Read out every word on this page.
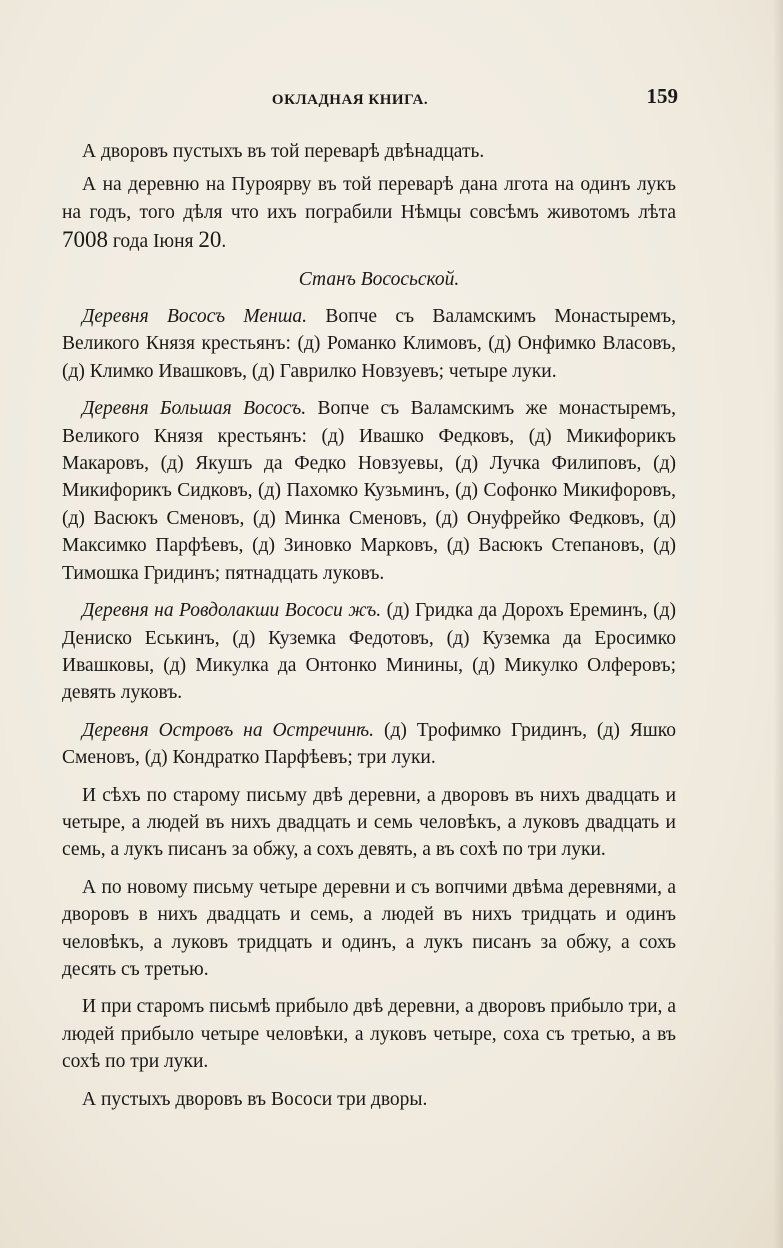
ОКЛАДНАЯ КНИГА.	159

А дворовъ пустыхъ въ той переварѣ двѣнадцать.

А на деревню на Пуроярву въ той переварѣ дана лгота на одинъ лукъ на годъ, того дѣля что ихъ пограбили Нѣмцы совсѣмъ животомъ лѣта 7008 года Іюня 20.

Станъ Вососьской.

Деревня Вососъ Менша. Вопче съ Валамскимъ Монастыремъ, Великого Князя крестьянъ: (д) Романко Климовъ, (д) Онфимко Власовъ, (д) Климко Ивашковъ, (д) Гаврилко Новзуевъ; четыре луки.

Деревня Большая Вососъ. Вопче съ Валамскимъ же монастыремъ, Великого Князя крестьянъ: (д) Ивашко Федковъ, (д) Микифорикъ Макаровъ, (д) Якушъ да Федко Новзуевы, (д) Лучка Филиповъ, (д) Микифорикъ Сидковъ, (д) Пахомко Кузьминъ, (д) Софонко Микифоровъ, (д) Васюкъ Сменовъ, (д) Минка Сменовъ, (д) Онуфрейко Федковъ, (д) Максимко Парфѣевъ, (д) Зиновко Марковъ, (д) Васюкъ Степановъ, (д) Тимошка Гридинъ; пятнадцать луковъ.

Деревня на Ровдолакши Вососи жъ. (д) Гридка да Дорохъ Ереминъ, (д) Дениско Еськинъ, (д) Куземка Федотовъ, (д) Куземка да Еросимко Ивашковы, (д) Микулка да Онтонко Минины, (д) Микулко Олферовъ; девять луковъ.

Деревня Островъ на Остречинѣ. (д) Трофимко Гридинъ, (д) Яшко Сменовъ, (д) Кондратко Парфѣевъ; три луки.

И сѣхъ по старому письму двѣ деревни, а дворовъ въ нихъ двадцать и четыре, а людей въ нихъ двадцать и семь человѣкъ, а луковъ двадцать и семь, а лукъ писанъ за обжу, а сохъ девять, а въ сохѣ по три луки.

А по новому письму четыре деревни и съ вопчими двѣма деревнями, а дворовъ в нихъ двадцать и семь, а людей въ нихъ тридцать и одинъ человѣкъ, а луковъ тридцать и одинъ, а лукъ писанъ за обжу, а сохъ десять съ третью.

И при старомъ письмѣ прибыло двѣ деревни, а дворовъ прибыло три, а людей прибыло четыре человѣки, а луковъ четыре, соха съ третью, а въ сохѣ по три луки.

А пустыхъ дворовъ въ Вососи три дворы.
